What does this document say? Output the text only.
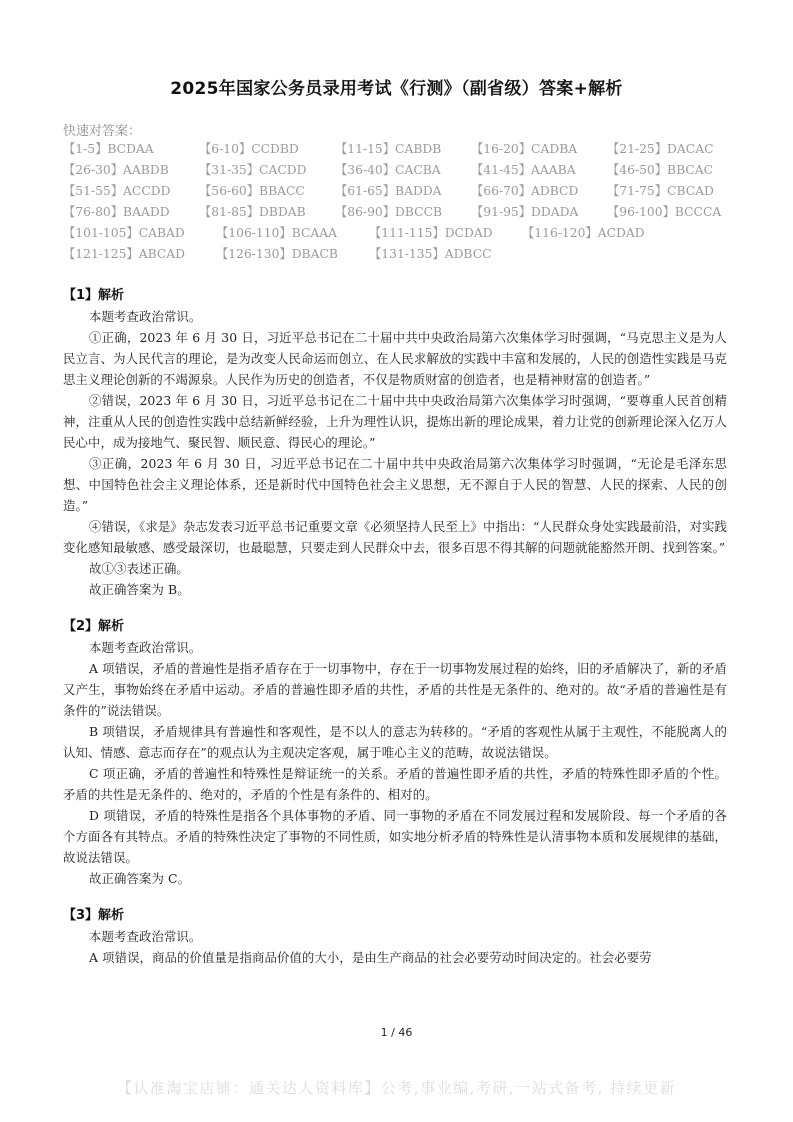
2025年国家公务员录用考试《行测》（副省级）答案+解析
快速对答案：
【1-5】BCDAA	【6-10】CCDBD	【11-15】CABDB	【16-20】CADBA	【21-25】DACAC
【26-30】AABDB	【31-35】CACDD	【36-40】CACBA	【41-45】AAABA	【46-50】BBCAC
【51-55】ACCDD	【56-60】BBACC	【61-65】BADDA	【66-70】ADBCD	【71-75】CBCAD
【76-80】BAADD	【81-85】DBDAB	【86-90】DBCCB	【91-95】DDADA	【96-100】BCCCA
【101-105】CABAD	【106-110】BCAAA	【111-115】DCDAD	【116-120】ACDAD
【121-125】ABCAD	【126-130】DBACB	【131-135】ADBCC
【1】解析

本题考查政治常识。

①正确，2023 年 6 月 30 日，习近平总书记在二十届中共中央政治局第六次集体学习时强调，“马克思主义是为人民立言、为人民代言的理论，是为改变人民命运而创立、在人民求解放的实践中丰富和发展的，人民的创造性实践是马克思主义理论创新的不竭源泉。人民作为历史的创造者，不仅是物质财富的创造者，也是精神财富的创造者。”

②错误，2023 年 6 月 30 日，习近平总书记在二十届中共中央政治局第六次集体学习时强调，“要尊重人民首创精神，注重从人民的创造性实践中总结新鲜经验，上升为理性认识，提炼出新的理论成果，着力让党的创新理论深入亿万人民心中，成为接地气、聚民智、顺民意、得民心的理论。”

③正确，2023 年 6 月 30 日，习近平总书记在二十届中共中央政治局第六次集体学习时强调，“无论是毛泽东思想、中国特色社会主义理论体系，还是新时代中国特色社会主义思想，无不源自于人民的智慧、人民的探索、人民的创造。”

④错误，《求是》杂志发表习近平总书记重要文章《必须坚持人民至上》中指出：“人民群众身处实践最前沿，对实践变化感知最敏感、感受最深切，也最聪慧，只要走到人民群众中去，很多百思不得其解的问题就能豁然开朗、找到答案。”

故①③表述正确。

故正确答案为 B。

【2】解析

本题考查政治常识。

A 项错误，矛盾的普遍性是指矛盾存在于一切事物中，存在于一切事物发展过程的始终，旧的矛盾解决了，新的矛盾又产生，事物始终在矛盾中运动。矛盾的普遍性即矛盾的共性，矛盾的共性是无条件的、绝对的。故“矛盾的普遍性是有条件的”说法错误。

B 项错误，矛盾规律具有普遍性和客观性，是不以人的意志为转移的。“矛盾的客观性从属于主观性，不能脱离人的认知、情感、意志而存在”的观点认为主观决定客观，属于唯心主义的范畴，故说法错误。

C 项正确，矛盾的普遍性和特殊性是辩证统一的关系。矛盾的普遍性即矛盾的共性，矛盾的特殊性即矛盾的个性。矛盾的共性是无条件的、绝对的，矛盾的个性是有条件的、相对的。

D 项错误，矛盾的特殊性是指各个具体事物的矛盾、同一事物的矛盾在不同发展过程和发展阶段、每一个矛盾的各个方面各有其特点。矛盾的特殊性决定了事物的不同性质，如实地分析矛盾的特殊性是认清事物本质和发展规律的基础，故说法错误。

故正确答案为 C。

【3】解析

本题考查政治常识。

A 项错误，商品的价值量是指商品价值的大小，是由生产商品的社会必要劳动时间决定的。社会必要劳

1 / 46
【认准淘宝店铺：通关达人资料库】公考,事业编,考研,一站式备考, 持续更新
